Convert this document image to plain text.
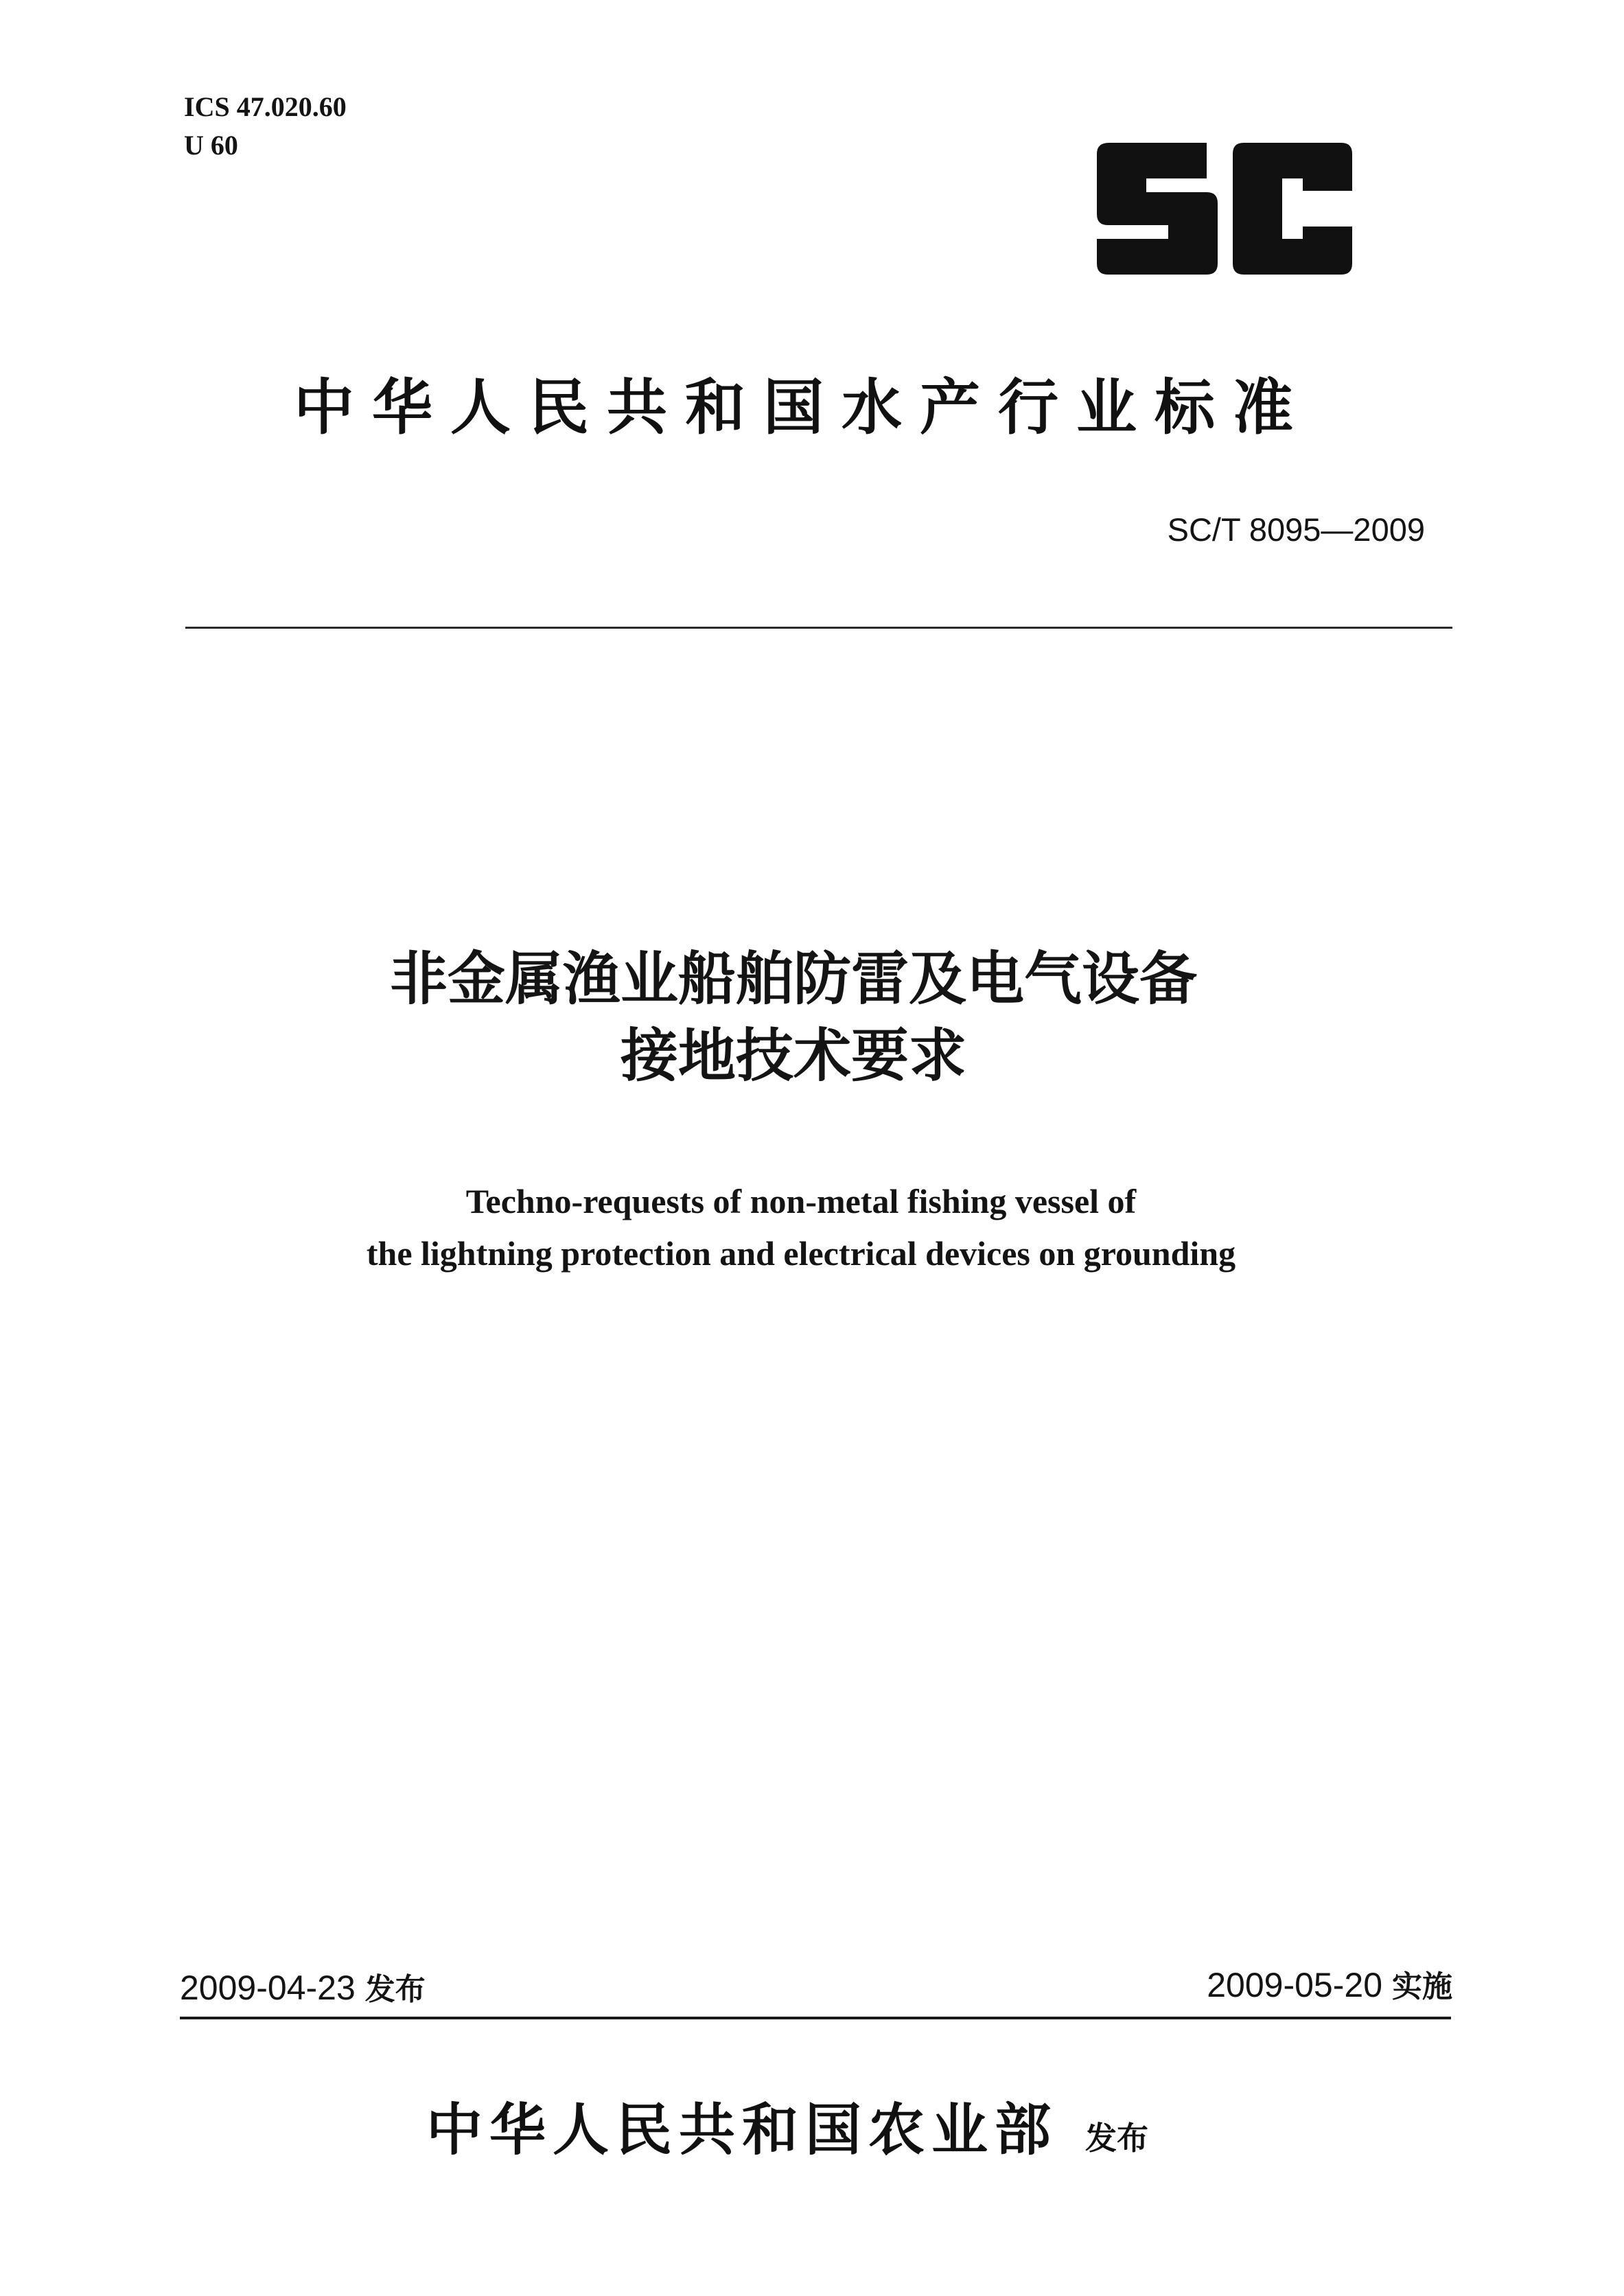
ICS 47.020.60
U 60
中华人民共和国水产行业标准
SC/T 8095—2009
非金属渔业船舶防雷及电气设备
接地技术要求
Techno-requests of non-metal fishing vessel of
the lightning protection and electrical devices on grounding
2009-04-23 发布	2009-05-20 实施
中华人民共和国农业部 发布
